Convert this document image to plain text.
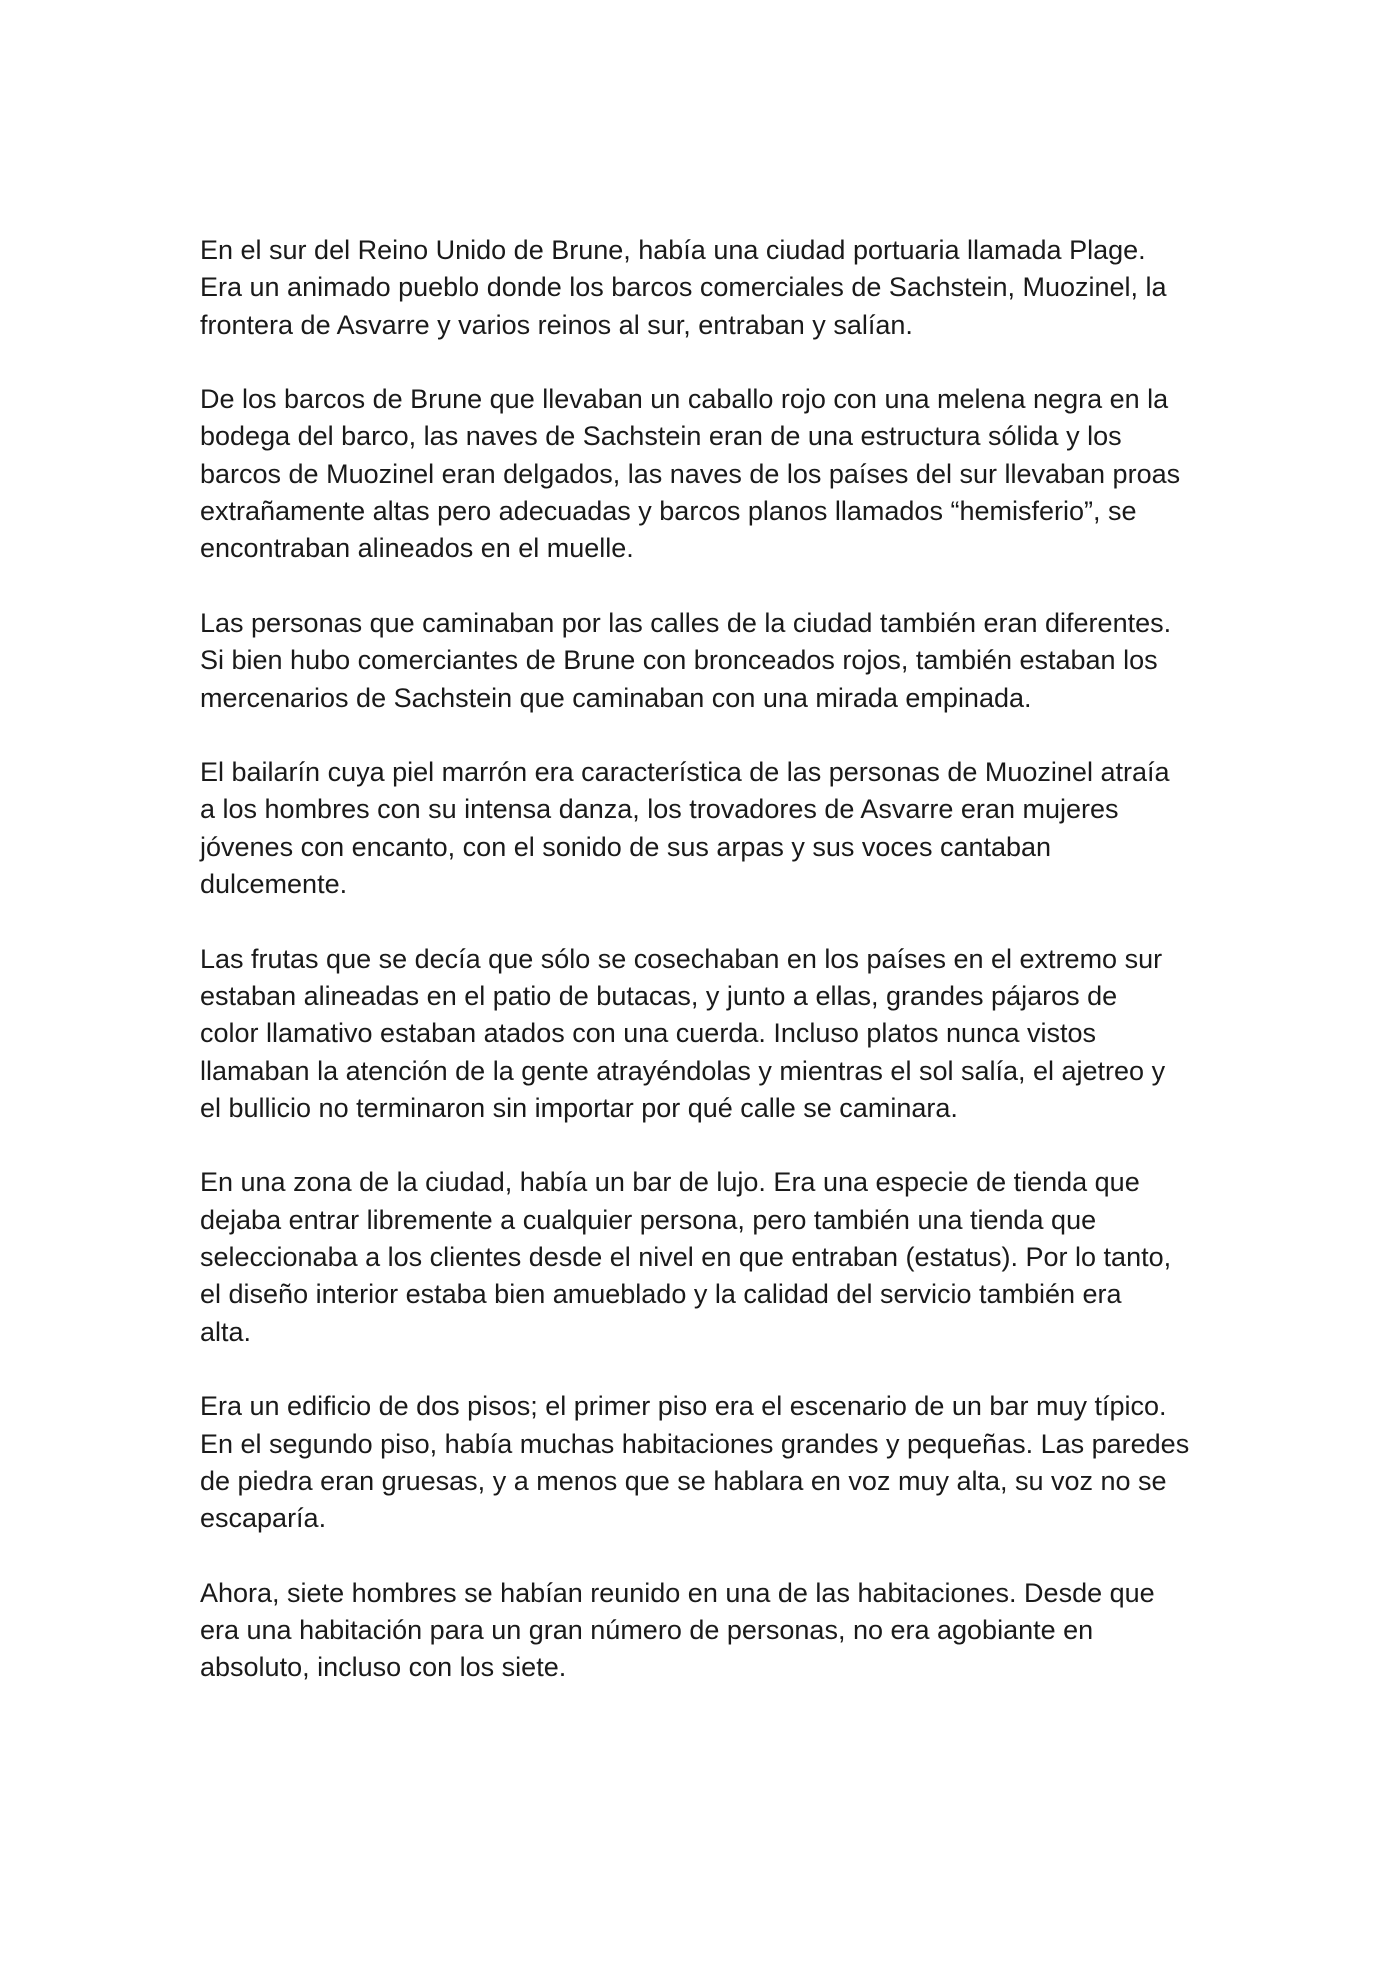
En el sur del Reino Unido de Brune, había una ciudad portuaria llamada Plage.
Era un animado pueblo donde los barcos comerciales de Sachstein, Muozinel, la
frontera de Asvarre y varios reinos al sur, entraban y salían.

De los barcos de Brune que llevaban un caballo rojo con una melena negra en la
bodega del barco, las naves de Sachstein eran de una estructura sólida y los
barcos de Muozinel eran delgados, las naves de los países del sur llevaban proas
extrañamente altas pero adecuadas y barcos planos llamados “hemisferio”, se
encontraban alineados en el muelle.

Las personas que caminaban por las calles de la ciudad también eran diferentes.
Si bien hubo comerciantes de Brune con bronceados rojos, también estaban los
mercenarios de Sachstein que caminaban con una mirada empinada.

El bailarín cuya piel marrón era característica de las personas de Muozinel atraía
a los hombres con su intensa danza, los trovadores de Asvarre eran mujeres
jóvenes con encanto, con el sonido de sus arpas y sus voces cantaban
dulcemente.

Las frutas que se decía que sólo se cosechaban en los países en el extremo sur
estaban alineadas en el patio de butacas, y junto a ellas, grandes pájaros de
color llamativo estaban atados con una cuerda. Incluso platos nunca vistos
llamaban la atención de la gente atrayéndolas y mientras el sol salía, el ajetreo y
el bullicio no terminaron sin importar por qué calle se caminara.

En una zona de la ciudad, había un bar de lujo. Era una especie de tienda que
dejaba entrar libremente a cualquier persona, pero también una tienda que
seleccionaba a los clientes desde el nivel en que entraban (estatus). Por lo tanto,
el diseño interior estaba bien amueblado y la calidad del servicio también era
alta.

Era un edificio de dos pisos; el primer piso era el escenario de un bar muy típico.
En el segundo piso, había muchas habitaciones grandes y pequeñas. Las paredes
de piedra eran gruesas, y a menos que se hablara en voz muy alta, su voz no se
escaparía.

Ahora, siete hombres se habían reunido en una de las habitaciones. Desde que
era una habitación para un gran número de personas, no era agobiante en
absoluto, incluso con los siete.
